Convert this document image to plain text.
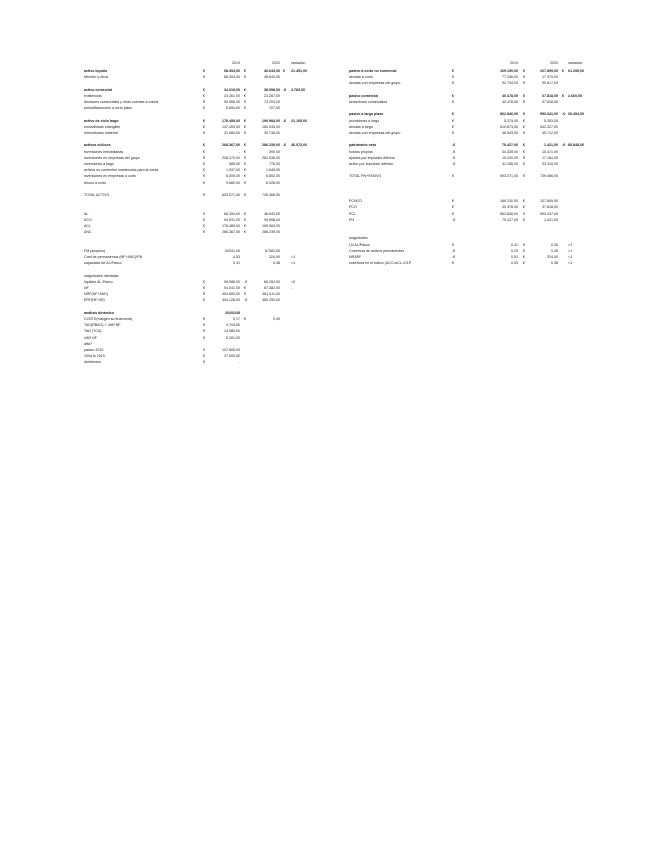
2019	2020	variación
activo líquido	€	68.394,00 €	46.643,00 € 21.451,00
efectivo y otros	€	68.394,00 €	46.643,00
activo comercial	€	34.315,00 €	38.598,00 -€ 4.783,00
existencias	€	23.361,00 €	23.287,00
deudores comerciales y otras cuentas a cobrar	€	50.966,00 €	73.203,00
periodificaciones a corto plazo	€	5.694,00 €	107,00
activo de ciclo largo	€	178.489,00 €	199.984,00 -€ 21.195,00
inmovilizado intangible	€	147.405,00 €	160.045,00
inmovilizado material	€	31.084,00 €	39.738,00
activos cíclicos	€	268.367,00 €	286.239,00 -€ 46.073,00
inversiones inmobiliarias	€	- €	390,00
inversiones en empresas del grupo	€	226.170,00 €	262.038,00
inversiones a largo	€	585,00 €	776,00
activos no corrientes mantenidos para la venta	€	1.937,00 €	1.645,00
inversiones en empresas a corto	€	5.000,00 €	6.852,00
tesoro a corto	€	9.660,00 €	6.028,00
TOTAL ACTIVO	€	603.071,00 €	739.466,00
AL	€	68.394,00 €	46.643,00
ACO	€	94.931,00 €	99.598,00
ACL	€	178.489,00 €	199.984,00
ANC	€	266.367,00 €	286.239,00
FM (acopios)	54341,00	67382,00
Coef de permanencia (NF+ANC)/PN	-4,53	324,90	<1
capacidad de AL/Pasco	0,41	0,38	<1
magnitudes ofertadas
liquidez AL-Pasco	€	99.986,00 -€	66.252,00	>0
NF	€	54.341,00 €	67.382,00	-
NRF(NF+ANC)	€	404.600,00 €	461.611,00
ERF(NF-NR)	€	494.126,00 -€	460.290,00
análisis dinámico	2020/245
COSTE(margen so financiera)	€	0,17 €	0,49
TAD(RBAO) + VAR NF	€	4.704,00
TAD (TCA)	€	13.985,00
VAR NF	€	9.281,00
afta?
pasivo 2019	€	107.895,00
100a fs 2019	€	27.000,00
dividendos	€	-
2019	2020	variación
pasivo a corto no comercial	€	169.190,00 €	107.895,00 € 61.295,00
deudas a corto	€	77.336,00 €	17.479,00
deudas con empresas del grupo	€	92.794,00 €	90.617,00
pasivo comercial	€	40.478,00 €	37.818,00 € 2.660,00
acreedores comerciales	€	40.478,00 €	37.818,00
pasivo a largo plazo	€	562.846,00 €	593.341,00 -€ 30.494,00
provisiones a largo	€	5.379,00 €	5.303,00
deudas a largo	€	510.873,00 €	542.327,00
deudas con empresas del grupo	€	46.543,00 €	45.712,00
patrimonio neto	-€	79.427,00 €	1.421,00 -€ 80.848,00
fondos propios	-€	34.328,00 €	15.471,00
ajustes por impuesto diferido	-€	15.249,00 €	17.184,00
activo por impuesto diferido	-€	41.156,00 €	33.319,00
TOTAL PN+PASIVO	€	693.071,00 €	739.466,00
PCNCO	€	169.130,00 €	107.895,00
PCO	€	40.478,00 €	37.818,00
PCL	€	562.846,00 €	593.347,00
PN	-€	79.427,00 €	1.421,00
magnitudes
LN AL/Pasco	€	0,41 €	0,36	<1
Cobertura de activos permanentes	-€	0,29 €	0,45	<1
NRARF	-€	0,51 €	324,90	<1
cobertura en el trafico (ACO-ACL-/OLP	€	0,53 €	0,38	<1
